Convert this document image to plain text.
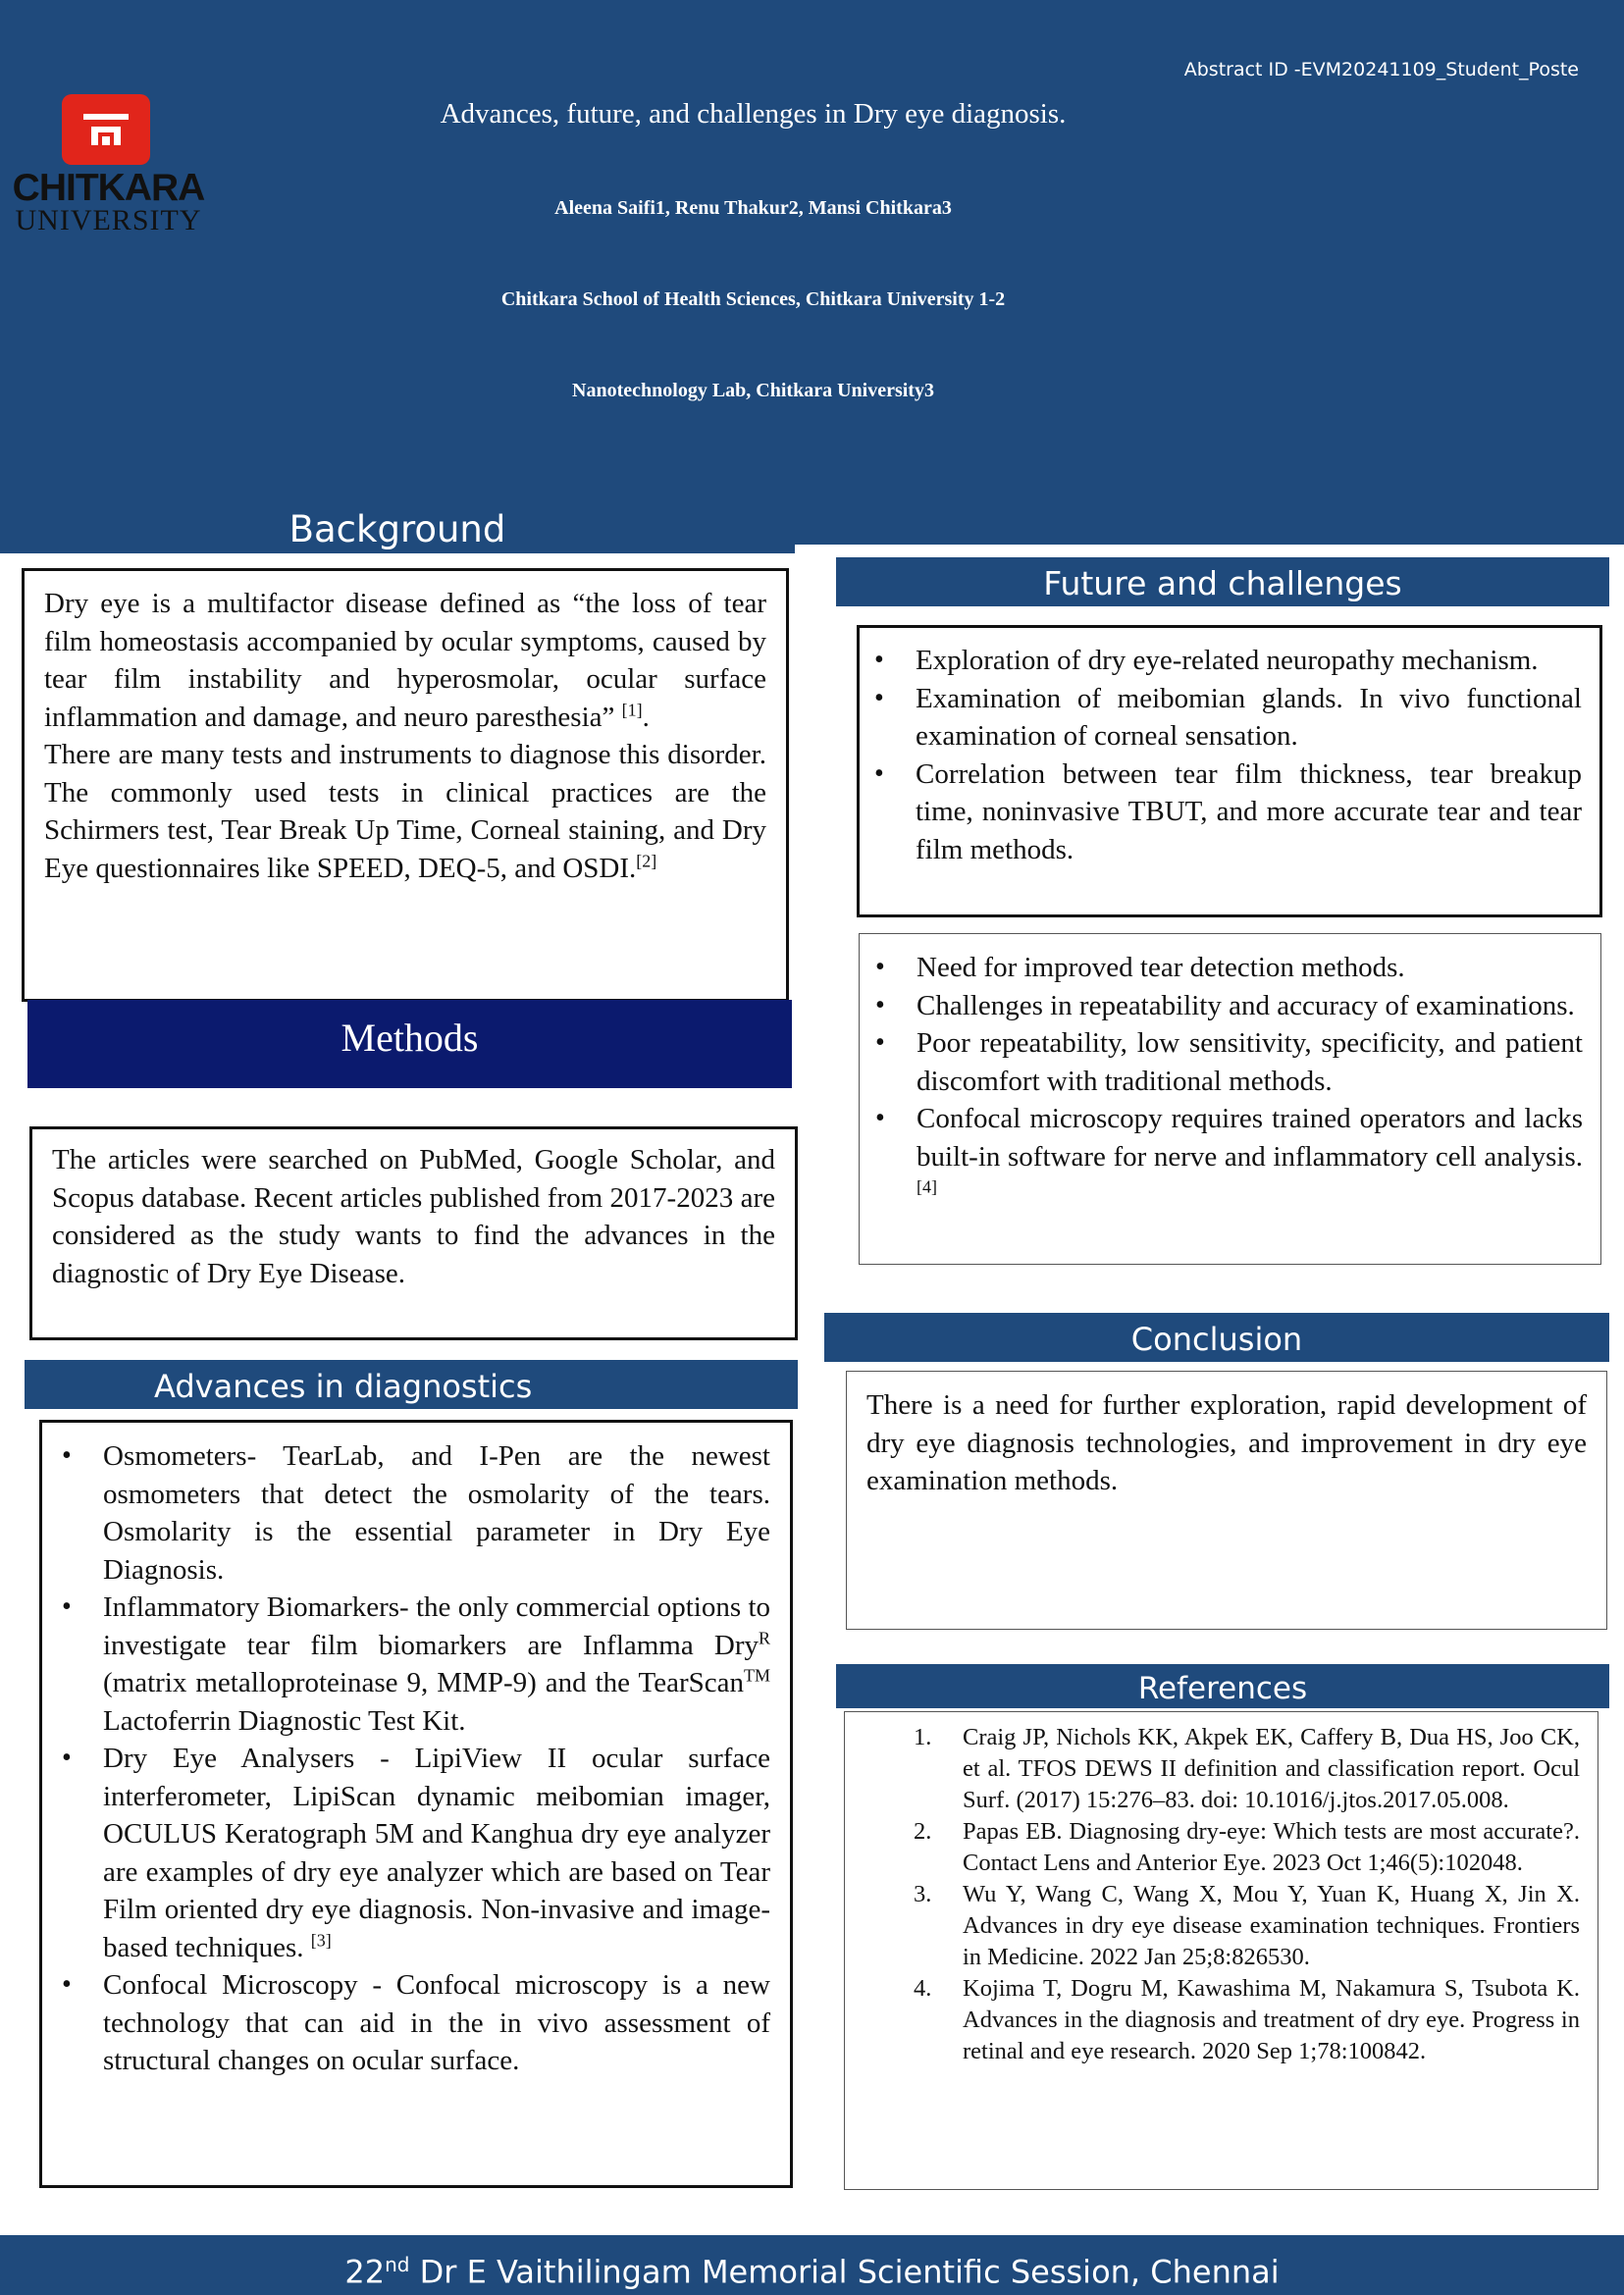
Abstract ID -EVM20241109_Student_Poste
CHITKARA
UNIVERSITY
Advances, future, and challenges in Dry eye diagnosis.
Aleena Saifi1, Renu Thakur2, Mansi Chitkara3
Chitkara School of Health Sciences, Chitkara University 1-2
Nanotechnology Lab, Chitkara University3
Background

Dry eye is a multifactor disease defined as “the loss of tear film homeostasis accompanied by ocular symptoms, caused by tear film instability and hyperosmolar, ocular surface inflammation and damage, and neuro paresthesia” [1].

There are many tests and instruments to diagnose this disorder. The commonly used tests in clinical practices are the Schirmers test, Tear Break Up Time, Corneal staining, and Dry Eye questionnaires like SPEED, DEQ-5, and OSDI.[2]

Methods

The articles were searched on PubMed, Google Scholar, and Scopus database. Recent articles published from 2017-2023 are considered as the study wants to find the advances in the diagnostic of Dry Eye Disease.

Advances in diagnostics
• Osmometers- TearLab, and I-Pen are the newest osmometers that detect the osmolarity of the tears. Osmolarity is the essential parameter in Dry Eye Diagnosis.
• Inflammatory Biomarkers- the only commercial options to investigate tear film biomarkers are Inflamma Dry$^R$ (matrix metalloproteinase 9, MMP-9) and the TearScan™ Lactoferrin Diagnostic Test Kit.
• Dry Eye Analysers - LipiView II ocular surface interferometer, LipiScan dynamic meibomian imager, OCULUS Keratograph 5M and Kanghua dry eye analyzer are examples of dry eye analyzer which are based on Tear Film oriented dry eye diagnosis. Non-invasive and image-based techniques. [3]
• Confocal Microscopy - Confocal microscopy is a new technology that can aid in the in vivo assessment of structural changes on ocular surface.
Future and challenges
• Exploration of dry eye-related neuropathy mechanism.
• Examination of meibomian glands. In vivo functional examination of corneal sensation.
• Correlation between tear film thickness, tear breakup time, noninvasive TBUT, and more accurate tear and tear film methods.
• Need for improved tear detection methods.
• Challenges in repeatability and accuracy of examinations.
• Poor repeatability, low sensitivity, specificity, and patient discomfort with traditional methods.
• Confocal microscopy requires trained operators and lacks built-in software for nerve and inflammatory cell analysis. [4]
Conclusion

There is a need for further exploration, rapid development of dry eye diagnosis technologies, and improvement in dry eye examination methods.

References
1. Craig JP, Nichols KK, Akpek EK, Caffery B, Dua HS, Joo CK, et al. TFOS DEWS II definition and classification report. Ocul Surf. (2017) 15:276–83. doi: 10.1016/j.jtos.2017.05.008.
2. Papas EB. Diagnosing dry-eye: Which tests are most accurate?. Contact Lens and Anterior Eye. 2023 Oct 1;46(5):102048.
3. Wu Y, Wang C, Wang X, Mou Y, Yuan K, Huang X, Jin X. Advances in dry eye disease examination techniques. Frontiers in Medicine. 2022 Jan 25;8:826530.
4. Kojima T, Dogru M, Kawashima M, Nakamura S, Tsubota K. Advances in the diagnosis and treatment of dry eye. Progress in retinal and eye research. 2020 Sep 1;78:100842.
22nd Dr E Vaithilingam Memorial Scientific Session, Chennai
